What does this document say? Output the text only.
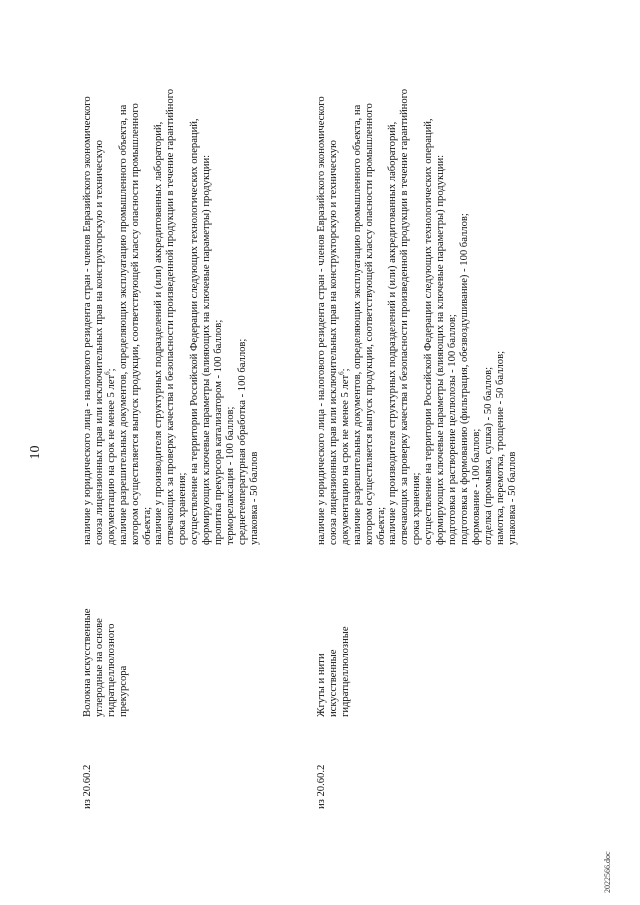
10
из 20.60.2
Волокна искусственные углеродные на основе гидратцеллюлозного прекурсора
наличие у юридического лица - налогового резидента стран - членов Евразийского экономического союза лицензионных прав или исключительных прав на конструкторскую и техническую документацию на срок не менее 5 лет$^6$; наличие разрешительных документов, определяющих эксплуатацию промышленного объекта, на котором осуществляется выпуск продукции, соответствующей классу опасности промышленного объекта; наличие у производителя структурных подразделений и (или) аккредитованных лабораторий, отвечающих за проверку качества и безопасности произведенной продукции в течение гарантийного срока хранения; осуществление на территории Российской Федерации следующих технологических операций, формирующих ключевые параметры (влияющих на ключевые параметры) продукции: пропитка прекурсора катализатором - 100 баллов; терморелаксация - 100 баллов; среднетемпературная обработка - 100 баллов; упаковка - 50 баллов
из 20.60.2
Жгуты и нити искусственные гидратцеллюлозные
наличие у юридического лица - налогового резидента стран - членов Евразийского экономического союза лицензионных прав или исключительных прав на конструкторскую и техническую документацию на срок не менее 5 лет$^6$; наличие разрешительных документов, определяющих эксплуатацию промышленного объекта, на котором осуществляется выпуск продукции, соответствующей классу опасности промышленного объекта; наличие у производителя структурных подразделений и (или) аккредитованных лабораторий, отвечающих за проверку качества и безопасности произведенной продукции в течение гарантийного срока хранения; осуществление на территории Российской Федерации следующих технологических операций, формирующих ключевые параметры (влияющих на ключевые параметры) продукции: подготовка и растворение целлюлозы - 100 баллов; подготовка к формованию (фильтрация, обезвоздушивание) - 100 баллов; формование - 100 баллов; отделка (промывка, сушка) - 50 баллов; намотка, перемотка, трощение - 50 баллов; упаковка - 50 баллов
2022566.doc
